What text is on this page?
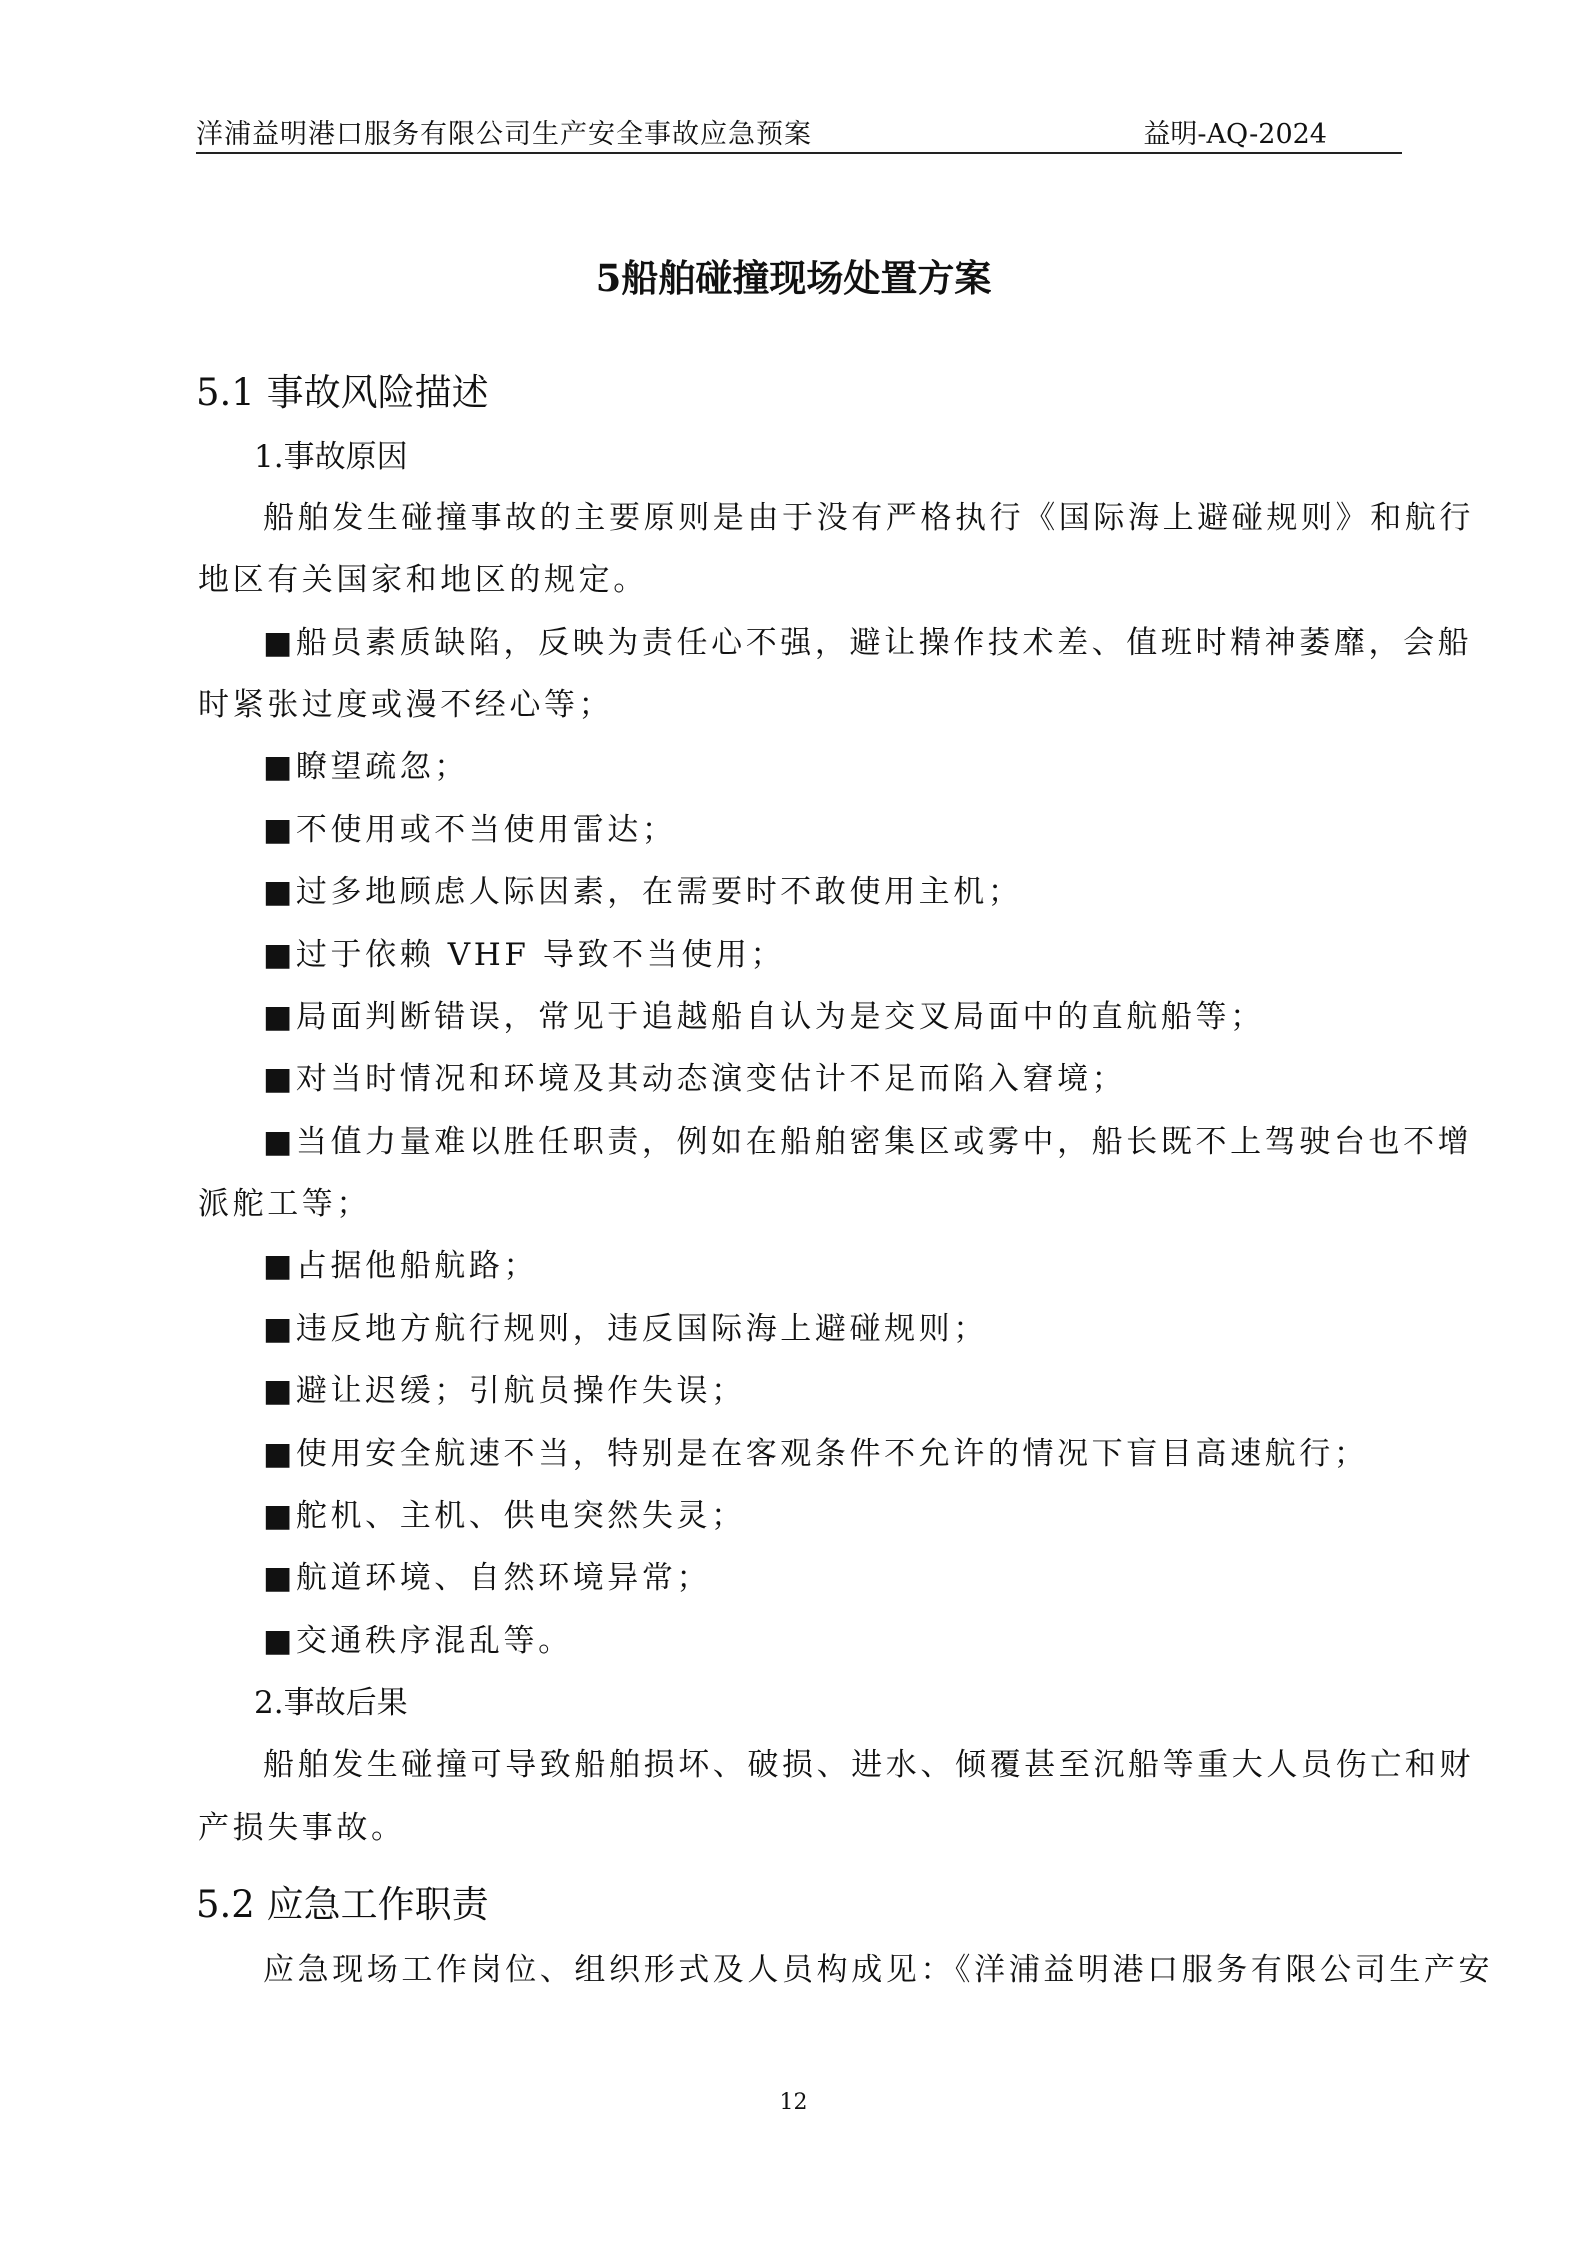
洋浦益明港口服务有限公司生产安全事故应急预案	益明-AQ-2024
5船舶碰撞现场处置方案
5.1 事故风险描述
1.事故原因
船舶发生碰撞事故的主要原则是由于没有严格执行《国际海上避碰规则》和航行
地区有关国家和地区的规定。
■船员素质缺陷，反映为责任心不强，避让操作技术差、值班时精神萎靡，会船
时紧张过度或漫不经心等；
■瞭望疏忽；
■不使用或不当使用雷达；
■过多地顾虑人际因素，在需要时不敢使用主机；
■过于依赖 VHF 导致不当使用；
■局面判断错误，常见于追越船自认为是交叉局面中的直航船等；
■对当时情况和环境及其动态演变估计不足而陷入窘境；
■当值力量难以胜任职责，例如在船舶密集区或雾中，船长既不上驾驶台也不增
派舵工等；
■占据他船航路；
■违反地方航行规则，违反国际海上避碰规则；
■避让迟缓；引航员操作失误；
■使用安全航速不当，特别是在客观条件不允许的情况下盲目高速航行；
■舵机、主机、供电突然失灵；
■航道环境、自然环境异常；
■交通秩序混乱等。
2.事故后果
船舶发生碰撞可导致船舶损坏、破损、进水、倾覆甚至沉船等重大人员伤亡和财
产损失事故。
5.2 应急工作职责
应急现场工作岗位、组织形式及人员构成见：《洋浦益明港口服务有限公司生产安
12
